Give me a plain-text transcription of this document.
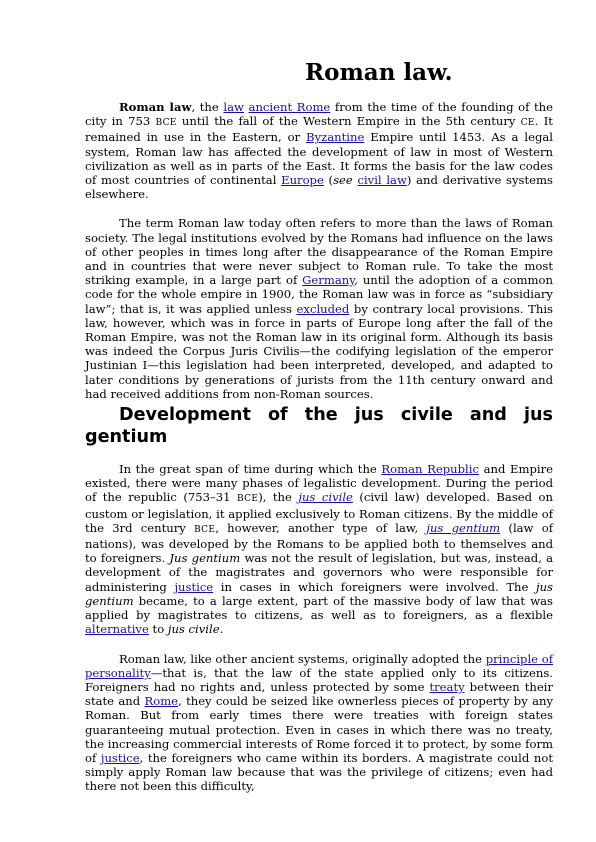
Roman law.

Roman law, the law ancient Rome from the time of the founding of the city in 753 BCE until the fall of the Western Empire in the 5th century CE. It remained in use in the Eastern, or Byzantine Empire until 1453. As a legal system, Roman law has affected the development of law in most of Western civilization as well as in parts of the East. It forms the basis for the law codes of most countries of continental Europe (see civil law) and derivative systems elsewhere.

The term Roman law today often refers to more than the laws of Roman society. The legal institutions evolved by the Romans had influence on the laws of other peoples in times long after the disappearance of the Roman Empire and in countries that were never subject to Roman rule. To take the most striking example, in a large part of Germany, until the adoption of a common code for the whole empire in 1900, the Roman law was in force as “subsidiary law”; that is, it was applied unless excluded by contrary local provisions. This law, however, which was in force in parts of Europe long after the fall of the Roman Empire, was not the Roman law in its original form. Although its basis was indeed the Corpus Juris Civilis—the codifying legislation of the emperor Justinian I—this legislation had been interpreted, developed, and adapted to later conditions by generations of jurists from the 11th century onward and had received additions from non-Roman sources.

Development of the jus civile and jus gentium

In the great span of time during which the Roman Republic and Empire existed, there were many phases of legalistic development. During the period of the republic (753–31 BCE), the jus civile (civil law) developed. Based on custom or legislation, it applied exclusively to Roman citizens. By the middle of the 3rd century BCE, however, another type of law, jus gentium (law of nations), was developed by the Romans to be applied both to themselves and to foreigners. Jus gentium was not the result of legislation, but was, instead, a development of the magistrates and governors who were responsible for administering justice in cases in which foreigners were involved. The jus gentium became, to a large extent, part of the massive body of law that was applied by magistrates to citizens, as well as to foreigners, as a flexible alternative to jus civile.

Roman law, like other ancient systems, originally adopted the principle of personality—that is, that the law of the state applied only to its citizens. Foreigners had no rights and, unless protected by some treaty between their state and Rome, they could be seized like ownerless pieces of property by any Roman. But from early times there were treaties with foreign states guaranteeing mutual protection. Even in cases in which there was no treaty, the increasing commercial interests of Rome forced it to protect, by some form of justice, the foreigners who came within its borders. A magistrate could not simply apply Roman law because that was the privilege of citizens; even had there not been this difficulty,
